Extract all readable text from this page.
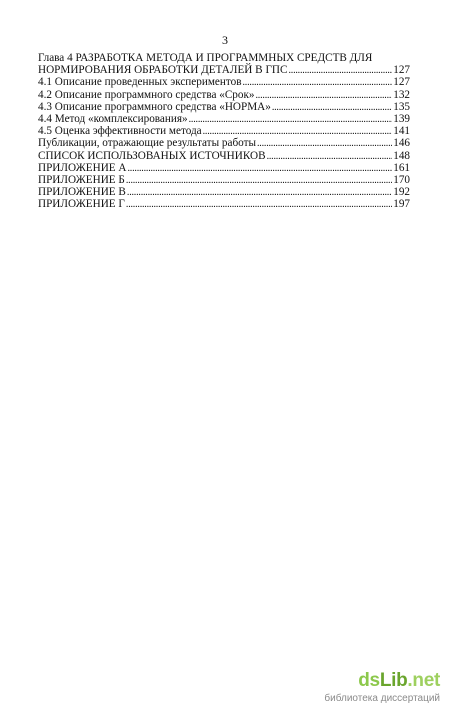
3
Глава 4 РАЗРАБОТКА МЕТОДА И ПРОГРАММНЫХ СРЕДСТВ ДЛЯ
НОРМИРОВАНИЯ ОБРАБОТКИ ДЕТАЛЕЙ В ГПС .....	127
4.1 Описание проведенных экспериментов .....	127
4.2 Описание программного средства «Срок» .....	132
4.3 Описание программного средства «НОРМА» .....	135
4.4 Метод «комплексирования» .....	139
4.5 Оценка эффективности метода .....	141
Публикации, отражающие результаты работы .....	146
СПИСОК ИСПОЛЬЗОВАНЫХ ИСТОЧНИКОВ .....	148
ПРИЛОЖЕНИЕ А .....	161
ПРИЛОЖЕНИЕ Б .....	170
ПРИЛОЖЕНИЕ В .....	192
ПРИЛОЖЕНИЕ Г .....	197
dsLib.net
библиотека диссертаций
